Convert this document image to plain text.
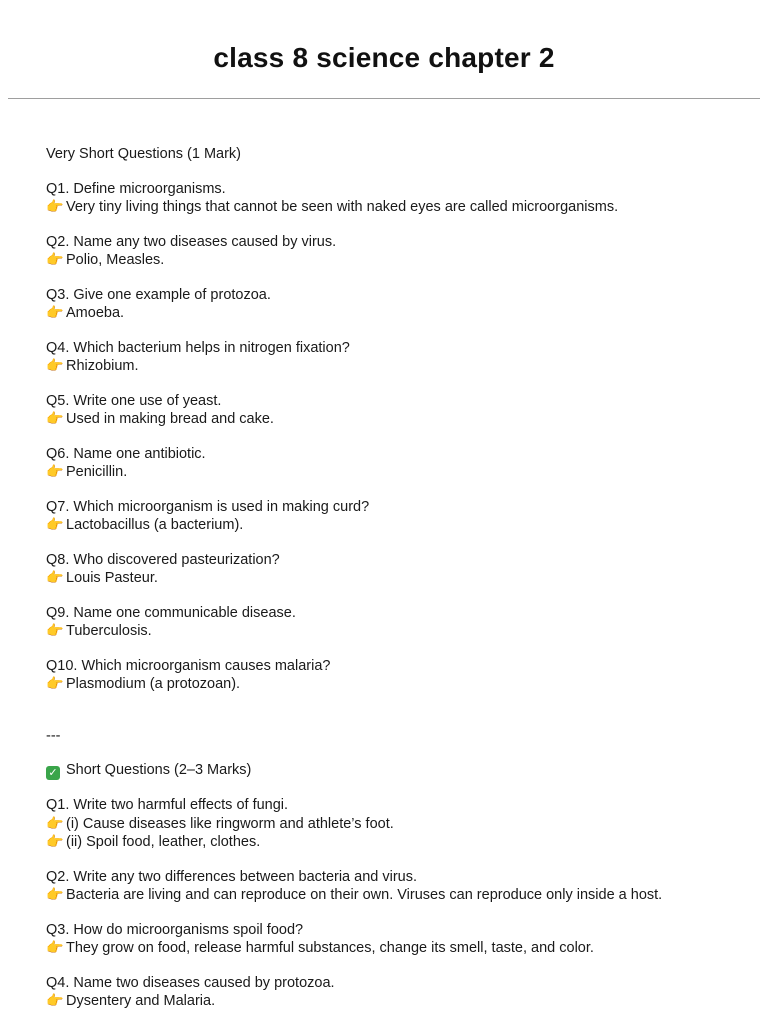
class 8 science chapter 2
Very Short Questions (1 Mark)
Q1. Define microorganisms.
👉 Very tiny living things that cannot be seen with naked eyes are called microorganisms.
Q2. Name any two diseases caused by virus.
👉 Polio, Measles.
Q3. Give one example of protozoa.
👉 Amoeba.
Q4. Which bacterium helps in nitrogen fixation?
👉 Rhizobium.
Q5. Write one use of yeast.
👉 Used in making bread and cake.
Q6. Name one antibiotic.
👉 Penicillin.
Q7. Which microorganism is used in making curd?
👉 Lactobacillus (a bacterium).
Q8. Who discovered pasteurization?
👉 Louis Pasteur.
Q9. Name one communicable disease.
👉 Tuberculosis.
Q10. Which microorganism causes malaria?
👉 Plasmodium (a protozoan).
---
✓ Short Questions (2–3 Marks)
Q1. Write two harmful effects of fungi.
👉 (i) Cause diseases like ringworm and athlete’s foot.
👉 (ii) Spoil food, leather, clothes.
Q2. Write any two differences between bacteria and virus.
👉 Bacteria are living and can reproduce on their own. Viruses can reproduce only inside a host.
Q3. How do microorganisms spoil food?
👉 They grow on food, release harmful substances, change its smell, taste, and color.
Q4. Name two diseases caused by protozoa.
👉 Dysentery and Malaria.
